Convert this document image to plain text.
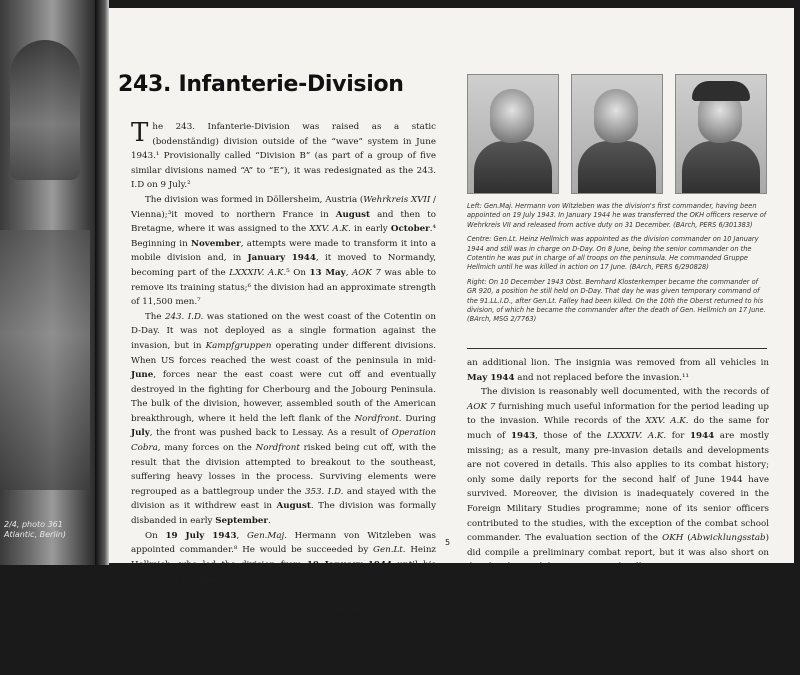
2/4, photo 361
Atlantic, Berlin)
243. Infanterie-Division

The 243. Infanterie-Division was raised as a static (bodenständig) division outside of the “wave” system in June 1943.¹ Provisionally called “Division B” (as part of a group of five similar divisions named “A” to “E”), it was redesignated as the 243. I.D on 9 July.²

The division was formed in Döllersheim, Austria (Wehrkreis XVII / Vienna);³it moved to northern France in August and then to Bretagne, where it was assigned to the XXV. A.K. in early October.⁴ Beginning in November, attempts were made to transform it into a mobile division and, in January 1944, it moved to Normandy, becoming part of the LXXXIV. A.K.⁵ On 13 May, AOK 7 was able to remove its training status;⁶ the division had an approximate strength of 11,500 men.⁷

The 243. I.D. was stationed on the west coast of the Cotentin on D-Day. It was not deployed as a single formation against the invasion, but in Kampfgruppen operating under different divisions. When US forces reached the west coast of the peninsula in mid-June, forces near the east coast were cut off and eventually destroyed in the fighting for Cherbourg and the Jobourg Peninsula. The bulk of the division, however, assembled south of the American breakthrough, where it held the left flank of the Nordfront. During July, the front was pushed back to Lessay. As a result of Operation Cobra, many forces on the Nordfront risked being cut off, with the result that the division attempted to breakout to the southeast, suffering heavy losses in the process. Surviving elements were regrouped as a battlegroup under the 353. I.D. and stayed with the division as it withdrew east in August. The division was formally disbanded in early September.

On 19 July 1943, Gen.Maj. Hermann von Witzleben was appointed commander.⁸ He would be succeeded by Gen.Lt. Heinz Hellmich, who led the division from 10 January 1944 until his death on 17 June.⁹ Obst. Bernhard Klosterkemper, the senior regimental commander, then took over and remained in charge of the remnants of the division until early August, when he was attached to AOK 7.¹⁰

The divisional insignia was a shield with three lions in repose (yellow on a red background), similar to the coat of arms of Normandy, albeit with

Left: Gen.Maj. Hermann von Witzleben was the division's first commander, having been appointed on 19 July 1943. In January 1944 he was transferred the OKH officers reserve of Wehrkreis VII and released from active duty on 31 December. (BArch, PERS 6/301383)

Centre: Gen.Lt. Heinz Hellmich was appointed as the division commander on 10 January 1944 and still was in charge on D-Day. On 8 June, being the senior commander on the Cotentin he was put in charge of all troops on the peninsula. He commanded Gruppe Hellmich until he was killed in action on 17 June. (BArch, PERS 6/290828)

Right: On 10 December 1943 Obst. Bernhard Klosterkemper became the commander of GR 920, a position he still held on D-Day. That day he was given temporary command of the 91.LL.I.D., after Gen.Lt. Falley had been killed. On the 10th the Oberst returned to his division, of which he became the commander after the death of Gen. Hellmich on 17 June. (BArch, MSG 2/7763)

an additional lion. The insignia was removed from all vehicles in May 1944 and not replaced before the invasion.¹¹

The division is reasonably well documented, with the records of AOK 7 furnishing much useful information for the period leading up to the invasion. While records of the XXV. A.K. do the same for much of 1943, those of the LXXXIV. A.K. for 1944 are mostly missing; as a result, many pre-invasion details and developments are not covered in details. This also applies to its combat history; only some daily reports for the second half of June 1944 have survived. Moreover, the division is inadequately covered in the Foreign Military Studies programme; none of its senior officers contributed to the studies, with the exception of the combat school commander. The evaluation section of the OKH (Abwicklungsstab) did compile a preliminary combat report, but it was also short on details. That such lacunae exist is hardly

5
